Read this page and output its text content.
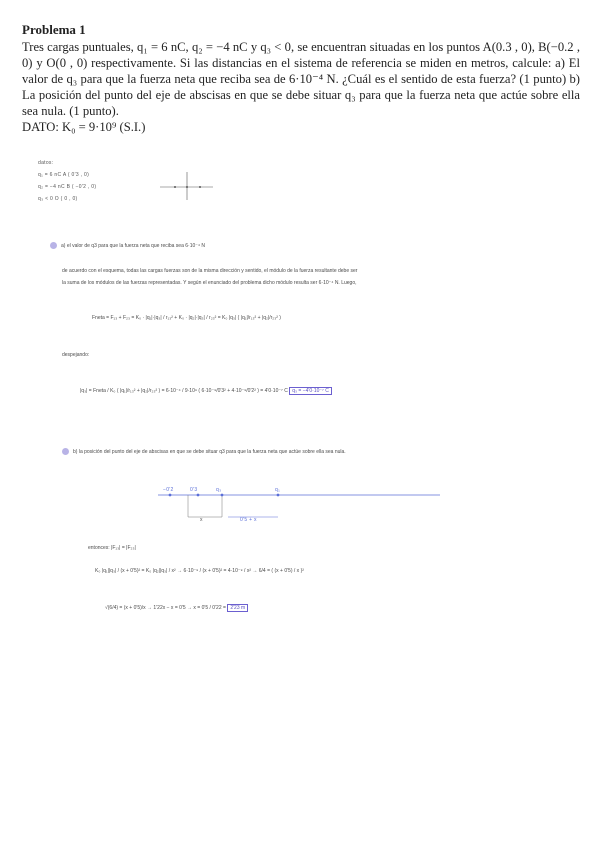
Problema 1

Tres cargas puntuales, q₁ = 6 nC, q₂ = −4 nC y q₃ < 0, se encuentran situadas en los puntos A(0.3 , 0), B(−0.2 , 0) y O(0 , 0) respectivamente. Si las distancias en el sistema de referencia se miden en metros, calcule: a) El valor de q₃ para que la fuerza neta que reciba sea de 6·10⁻⁴ N. ¿Cuál es el sentido de esta fuerza? (1 punto) b) La posición del punto del eje de abscisas en que se debe situar q₃ para que la fuerza neta que actúe sobre ella sea nula. (1 punto).

DATO: K₀ = 9·10⁹ (S.I.)

datos:
q₁ = 6 nC A ( 0'3 , 0)
q₂ = −4 nC B ( −0'2 , 0)
q₃ < 0 O ( 0 , 0)
a) el valor de q3 para que la fuerza neta que reciba sea 6·10⁻⁴ N
de acuerdo con el esquema, todas las cargas fuerzas son de la misma dirección y sentido, el módulo de la fuerza resultante debe ser
la suma de los módulos de las fuerzas representadas. Y según el enunciado del problema dicho módulo resulta ser 6·10⁻⁴ N. Luego,
Fneta = F₁₃ + F₂₃ = K₀ · |q₁|·|q₃| / r₁₃² + K₀ · |q₂|·|q₃| / r₂₃² = K₀ |q₃| ( |q₁|/r₁₃² + |q₂|/r₂₃² )
despejando:
|q₃| = Fneta / K₀ ( |q₁|/r₁₃² + |q₂|/r₂₃² ) = 6·10⁻⁴ / 9·10⁹ ( 6·10⁻⁹/0'3² + 4·10⁻⁹/0'2² ) = 4'0·10⁻⁷ C q₃ = −4'0·10⁻⁷ C
b) la posición del punto del eje de abscisas en que se debe situar q3 para que la fuerza neta que actúe sobre ella sea nula.
−0'2	0'3	q₃	q₁
x	0'5 + x
entonces: |F₁₃| = |F₂₃|
K₀ |q₁||q₃| / (x + 0'5)² = K₀ |q₂||q₃| / x² → 6·10⁻⁹ / (x + 0'5)² = 4·10⁻⁹ / x² → 6/4 = ( (x + 0'5) / x )²
√(6/4) = (x + 0'5)/x → 1'22x − x = 0'5 → x = 0'5 / 0'22 = 2'23 m
